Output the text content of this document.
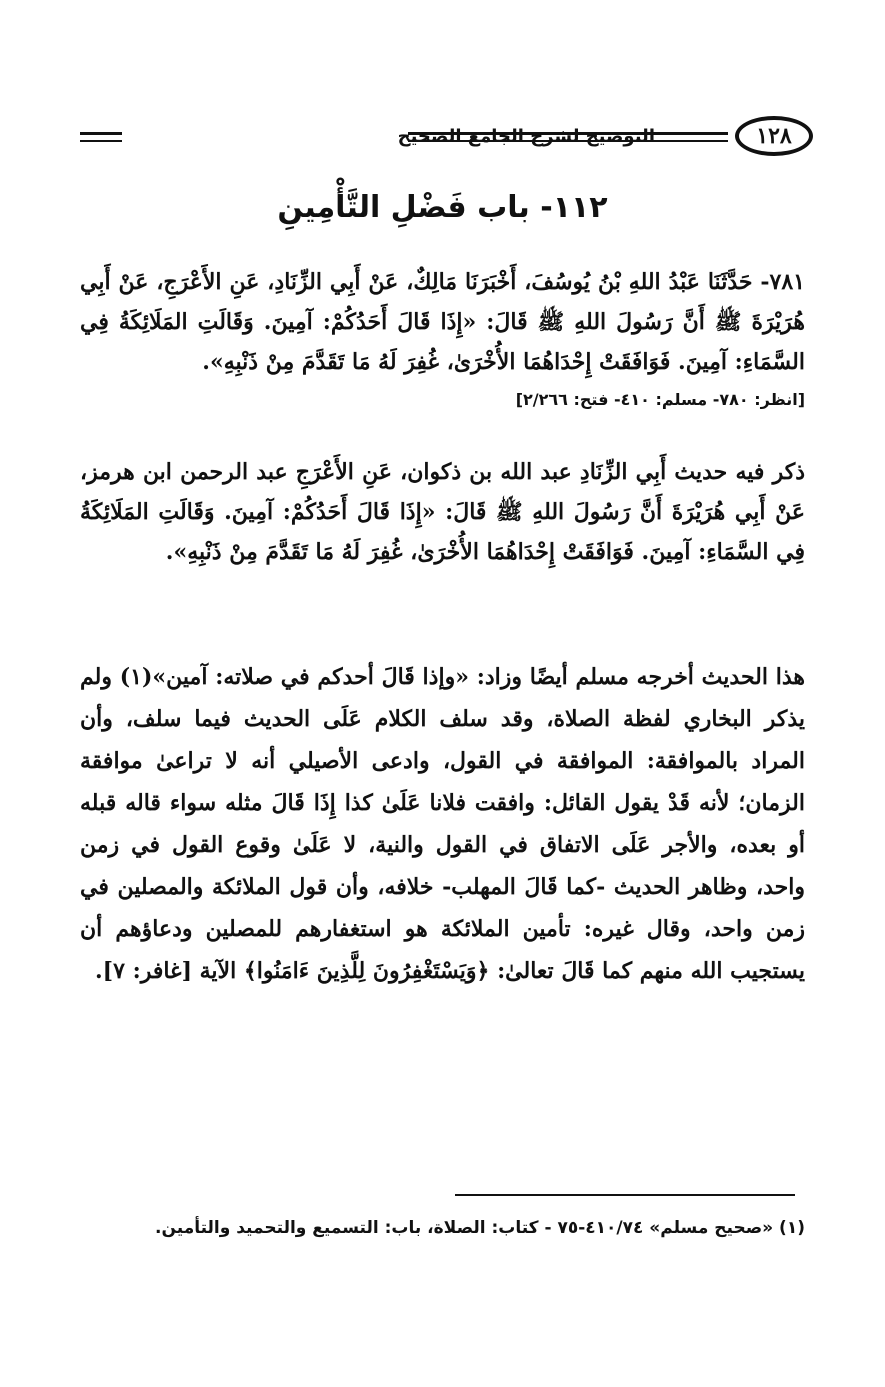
التوضيح لشرح الجامع الصحيح	١٢٨
١١٢- باب فَضْلِ التَّأْمِينِ
٧٨١- حَدَّثَنَا عَبْدُ اللهِ بْنُ يُوسُفَ، أَخْبَرَنَا مَالِكٌ، عَنْ أَبِي الزِّنَادِ، عَنِ الأَعْرَجِ، عَنْ أَبِي هُرَيْرَةَ ﷺ أَنَّ رَسُولَ اللهِ ﷺ قَالَ: «إِذَا قَالَ أَحَدُكُمْ: آمِينَ. وَقَالَتِ المَلَائِكَةُ فِي السَّمَاءِ: آمِينَ. فَوَافَقَتْ إِحْدَاهُمَا الأُخْرَىٰ، غُفِرَ لَهُ مَا تَقَدَّمَ مِنْ ذَنْبِهِ».
[انظر: ٧٨٠- مسلم: ٤١٠- فتح: ٢/٢٦٦]
ذكر فيه حديث أَبِي الزِّنَادِ عبد الله بن ذكوان، عَنِ الأَعْرَجِ عبد الرحمن ابن هرمز، عَنْ أَبِي هُرَيْرَةَ أَنَّ رَسُولَ اللهِ ﷺ قَالَ: «إِذَا قَالَ أَحَدُكُمْ: آمِينَ. وَقَالَتِ المَلَائِكَةُ فِي السَّمَاءِ: آمِينَ. فَوَافَقَتْ إِحْدَاهُمَا الأُخْرَىٰ، غُفِرَ لَهُ مَا تَقَدَّمَ مِنْ ذَنْبِهِ».
هذا الحديث أخرجه مسلم أيضًا وزاد: «وإذا قَالَ أحدكم في صلاته: آمين»(١) ولم يذكر البخاري لفظة الصلاة، وقد سلف الكلام عَلَى الحديث فيما سلف، وأن المراد بالموافقة: الموافقة في القول، وادعى الأصيلي أنه لا تراعىٰ موافقة الزمان؛ لأنه قَدْ يقول القائل: وافقت فلانا عَلَىٰ كذا إِذَا قَالَ مثله سواء قاله قبله أو بعده، والأجر عَلَى الاتفاق في القول والنية، لا عَلَىٰ وقوع القول في زمن واحد، وظاهر الحديث -كما قَالَ المهلب- خلافه، وأن قول الملائكة والمصلين في زمن واحد، وقال غيره: تأمين الملائكة هو استغفارهم للمصلين ودعاؤهم أن يستجيب الله منهم كما قَالَ تعالىٰ: ﴿وَيَسْتَغْفِرُونَ لِلَّذِينَ ءَامَنُوا﴾ الآية [غافر: ٧].
(١) «صحيح مسلم» ٤١٠/٧٤-٧٥ - كتاب: الصلاة، باب: التسميع والتحميد والتأمين.
